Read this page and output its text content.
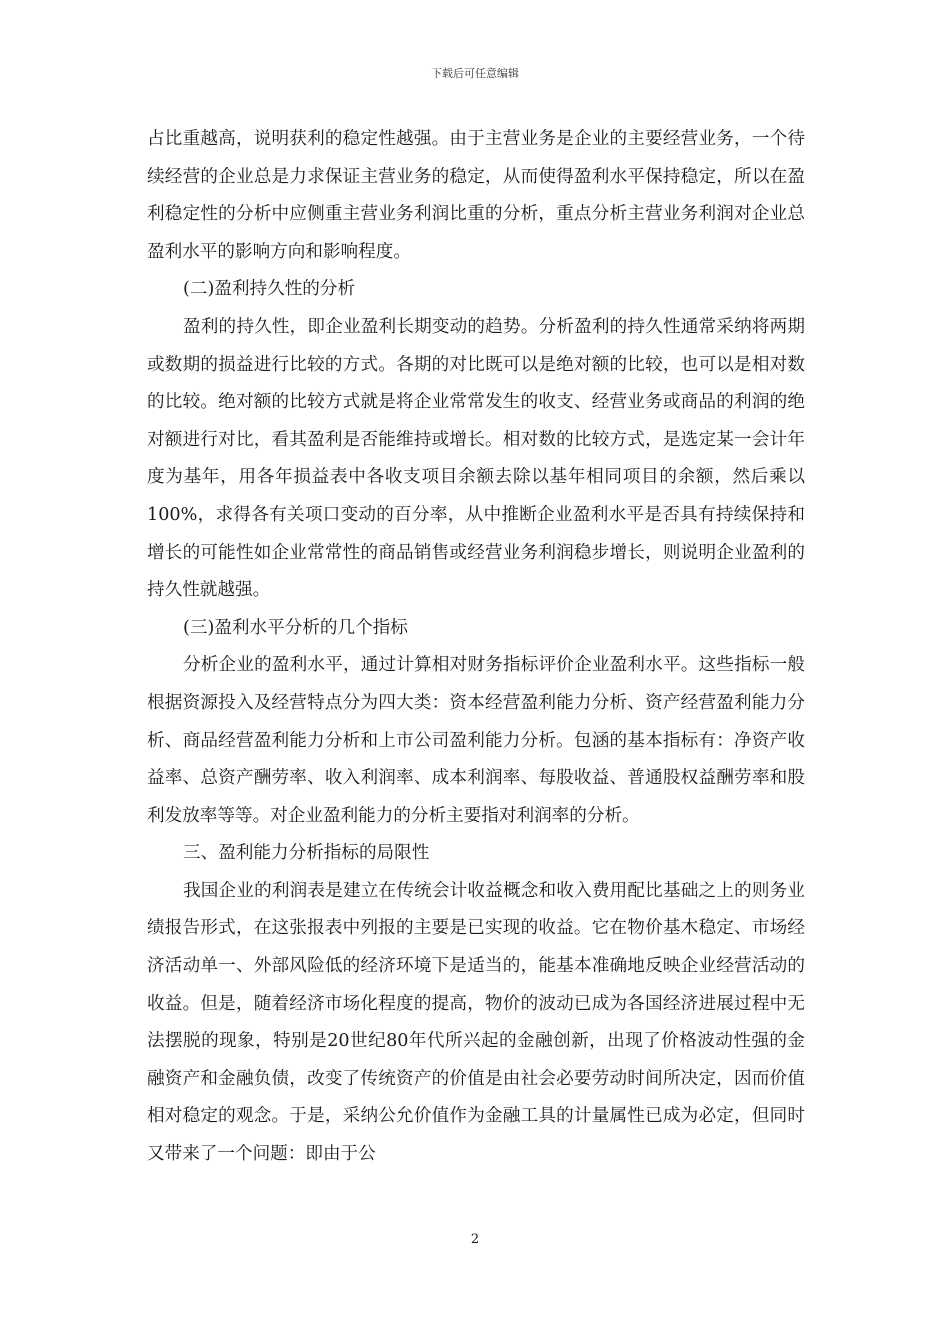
下载后可任意编辑

占比重越高，说明获利的稳定性越强。由于主营业务是企业的主要经营业务，一个待续经营的企业总是力求保证主营业务的稳定，从而使得盈利水平保持稳定，所以在盈利稳定性的分析中应侧重主营业务利润比重的分析，重点分析主营业务利润对企业总盈利水平的影响方向和影响程度。

(二)盈利持久性的分析

盈利的持久性，即企业盈利长期变动的趋势。分析盈利的持久性通常采纳将两期或数期的损益进行比较的方式。各期的对比既可以是绝对额的比较，也可以是相对数的比较。绝对额的比较方式就是将企业常常发生的收支、经营业务或商品的利润的绝对额进行对比，看其盈利是否能维持或增长。相对数的比较方式，是选定某一会计年度为基年，用各年损益表中各收支项目余额去除以基年相同项目的余额，然后乘以100%，求得各有关项口变动的百分率，从中推断企业盈利水平是否具有持续保持和增长的可能性如企业常常性的商品销售或经营业务利润稳步增长，则说明企业盈利的持久性就越强。

(三)盈利水平分析的几个指标

分析企业的盈利水平，通过计算相对财务指标评价企业盈利水平。这些指标一般根据资源投入及经营特点分为四大类：资本经营盈利能力分析、资产经营盈利能力分析、商品经营盈利能力分析和上市公司盈利能力分析。包涵的基本指标有：净资产收益率、总资产酬劳率、收入利润率、成本利润率、每股收益、普通股权益酬劳率和股利发放率等等。对企业盈利能力的分析主要指对利润率的分析。

三、盈利能力分析指标的局限性

我国企业的利润表是建立在传统会计收益概念和收入费用配比基础之上的则务业绩报告形式，在这张报表中列报的主要是已实现的收益。它在物价基木稳定、市场经济活动单一、外部风险低的经济环境下是适当的，能基本准确地反映企业经营活动的收益。但是，随着经济市场化程度的提高，物价的波动已成为各国经济进展过程中无法摆脱的现象，特别是20世纪80年代所兴起的金融创新，出现了价格波动性强的金融资产和金融负债，改变了传统资产的价值是由社会必要劳动时间所决定，因而价值相对稳定的观念。于是，采纳公允价值作为金融工具的计量属性已成为必定，但同时又带来了一个问题：即由于公

2
